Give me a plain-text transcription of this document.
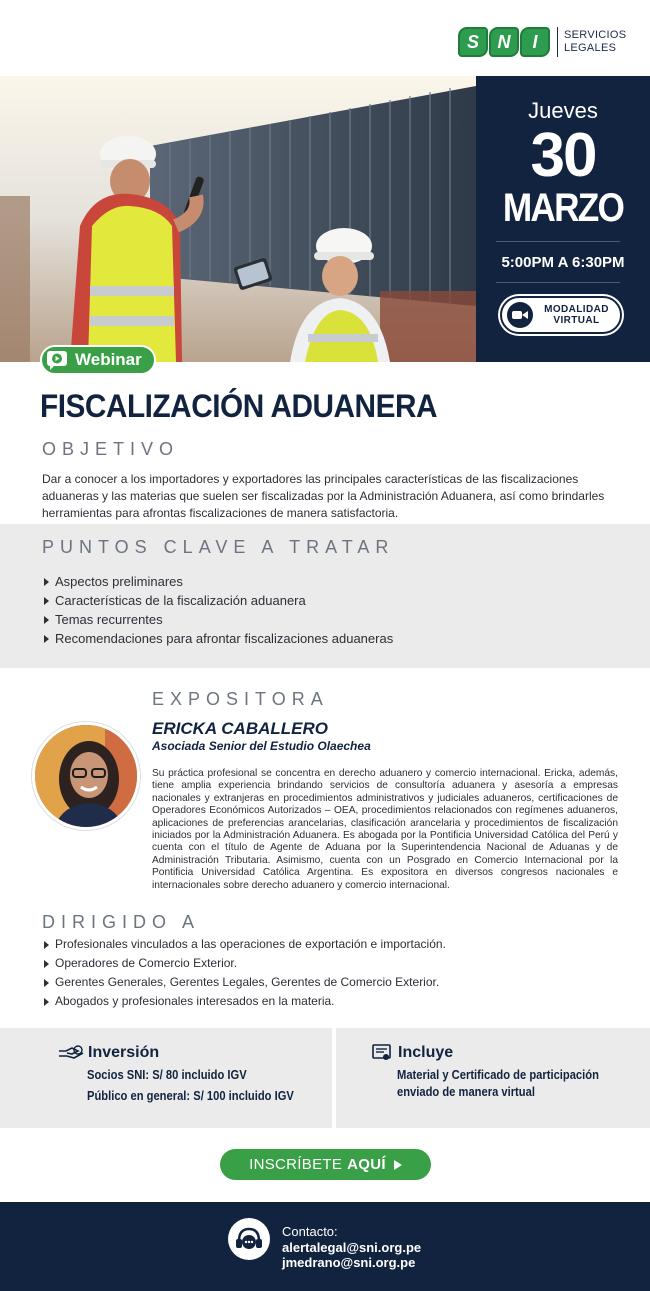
S	N	I	SERVICIOS
LEGALES
Jueves
30
MARZO
5:00PM A 6:30PM
MODALIDAD
VIRTUAL
Webinar
FISCALIZACIÓN ADUANERA
OBJETIVO
Dar a conocer a los importadores y exportadores las principales características de las fiscalizaciones aduaneras y las materias que suelen ser fiscalizadas por la Administración Aduanera, así como brindarles herramientas para afrontas fiscalizaciones de manera satisfactoria.
PUNTOS CLAVE A TRATAR
Aspectos preliminares
Características de la fiscalización aduanera
Temas recurrentes
Recomendaciones para afrontar fiscalizaciones aduaneras
EXPOSITORA
ERICKA CABALLERO
Asociada Senior del Estudio Olaechea
Su práctica profesional se concentra en derecho aduanero y comercio internacional. Ericka, además, tiene amplia experiencia brindando servicios de consultoría aduanera y asesoría a empresas nacionales y extranjeras en procedimientos administrativos y judiciales aduaneros, certificaciones de Operadores Económicos Autorizados – OEA, procedimientos relacionados con regímenes aduaneros, aplicaciones de preferencias arancelarias, clasificación arancelaria y procedimientos de fiscalización iniciados por la Administración Aduanera. Es abogada por la Pontificia Universidad Católica del Perú y cuenta con el título de Agente de Aduana por la Superintendencia Nacional de Aduanas y de Administración Tributaria. Asimismo, cuenta con un Posgrado en Comercio Internacional por la Pontificia Universidad Católica Argentina. Es expositora en diversos congresos nacionales e internacionales sobre derecho aduanero y comercio internacional.
DIRIGIDO A
Profesionales vinculados a las operaciones de exportación e importación.
Operadores de Comercio Exterior.
Gerentes Generales, Gerentes Legales, Gerentes de Comercio Exterior.
Abogados y profesionales interesados en la materia.
Inversión
Socios SNI: S/ 80 incluido IGV
Público en general: S/ 100 incluido IGV
Incluye
Material y Certificado de participación
enviado de manera virtual
INSCRÍBETE AQUÍ
Contacto:
alertalegal@sni.org.pe
jmedrano@sni.org.pe
